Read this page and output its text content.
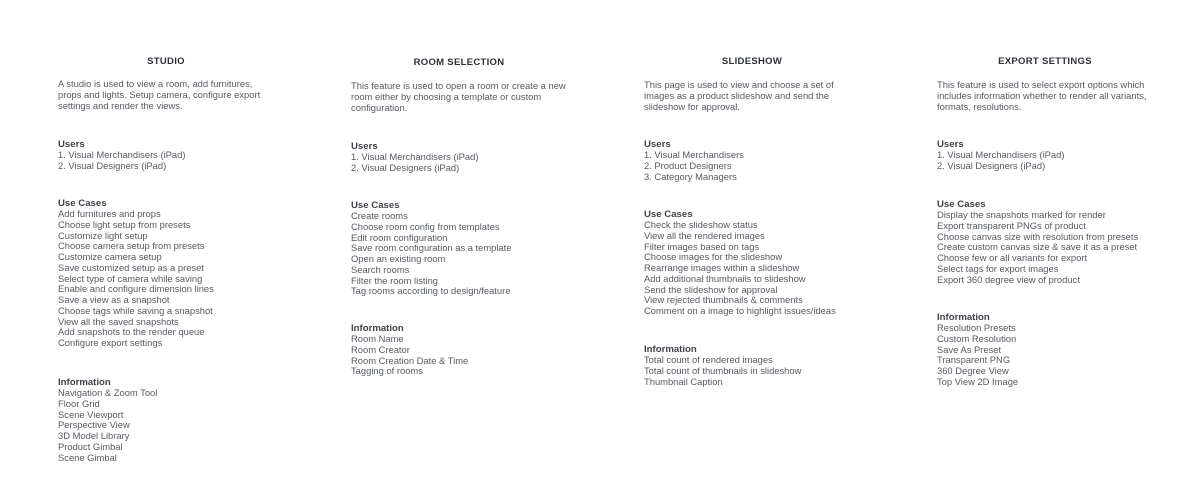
STUDIO
A studio is used to view a room, add furnitures, props and lights. Setup camera, configure export settings and render the views.
Users
1. Visual Merchandisers (iPad)
2. Visual Designers (iPad)
Use Cases
Add furnitures and props
Choose light setup from presets
Customize light setup
Choose camera setup from presets
Customize camera setup
Save customized setup as a preset
Select type of camera while saving
Enable and configure dimension lines
Save a view as a snapshot
Choose tags while saving a snapshot
View all the saved snapshots
Add snapshots to the render queue
Configure export settings
Information
Navigation & Zoom Tool
Floor Grid
Scene Viewport
Perspective View
3D Model Library
Product Gimbal
Scene Gimbal
ROOM SELECTION
This feature is used to open a room or create a new room either by choosing a template or custom configuration.
Users
1. Visual Merchandisers (iPad)
2. Visual Designers (iPad)
Use Cases
Create rooms
Choose room config from templates
Edit room configuration
Save room configuration as a template
Open an existing room
Search rooms
Filter the room listing
Tag rooms according to design/feature
Information
Room Name
Room Creator
Room Creation Date & Time
Tagging of rooms
SLIDESHOW
This page is used to view and choose a set of images as a product slideshow and send the slideshow for approval.
Users
1. Visual Merchandisers
2. Product Designers
3. Category Managers
Use Cases
Check the slideshow status
View all the rendered images
Filter images based on tags
Choose images for the slideshow
Rearrange images within a slideshow
Add additional thumbnails to slideshow
Send the slideshow for approval
View rejected thumbnails & comments
Comment on a image to highlight issues/ideas
Information
Total count of rendered images
Total count of thumbnails in slideshow
Thumbnail Caption
EXPORT SETTINGS
This feature is used to select export options which includes information whether to render all variants, formats, resolutions.
Users
1. Visual Merchandisers (iPad)
2. Visual Designers (iPad)
Use Cases
Display the snapshots marked for render
Export transparent PNGs of product
Choose canvas size with resolution from presets
Create custom canvas size & save it as a preset
Choose few or all variants for export
Select tags for export images
Export 360 degree view of product
Information
Resolution Presets
Custom Resolution
Save As Preset
Transparent PNG
360 Degree View
Top View 2D Image
